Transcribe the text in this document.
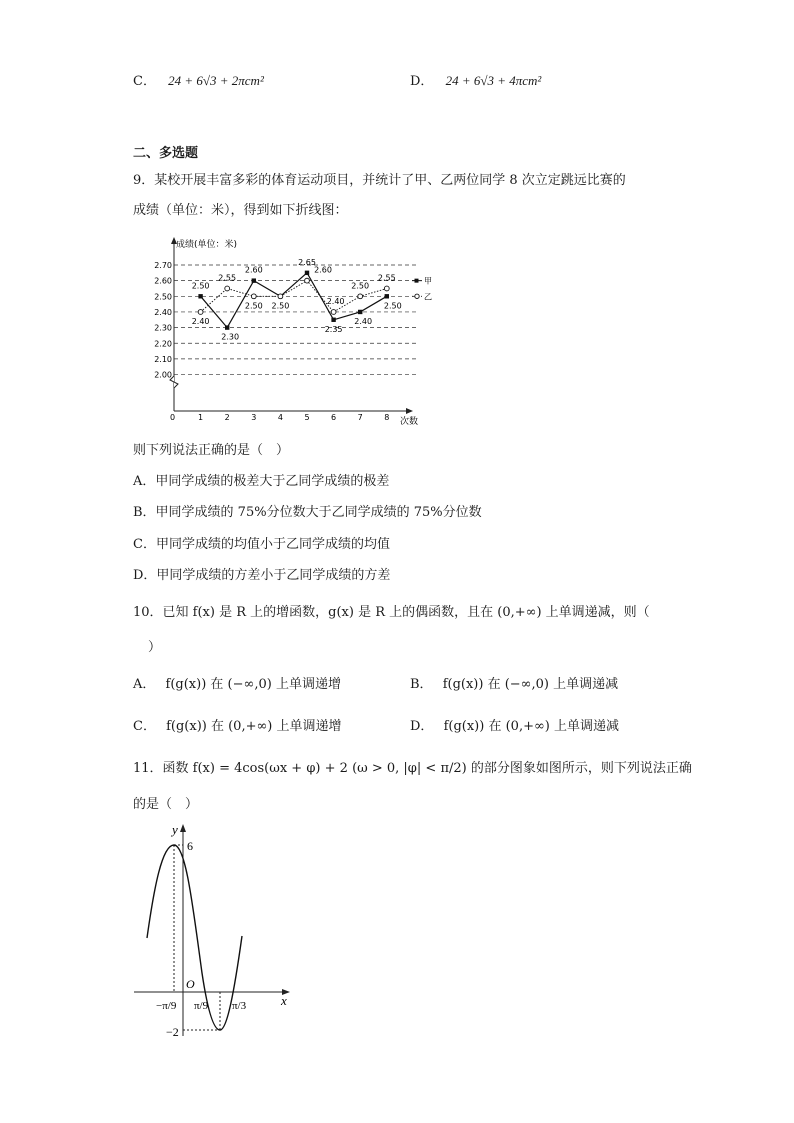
C． 24 + 6√3 + 2πcm²	D． 24 + 6√3 + 4πcm²
二、多选题
9．某校开展丰富多彩的体育运动项目，并统计了甲、乙两位同学 8 次立定跳远比赛的
成绩（单位：米），得到如下折线图：
成绩(单位：米)
次数
0
2.70
2.60
2.50
2.40
2.30
2.20
2.10
2.00
1	2	3	4	5	6	7	8
2.50
2.30
2.60
2.50
2.65
2.35
2.40
2.50
2.40
2.55
2.50
2.60
2.40
2.50
2.55	甲
乙
则下列说法正确的是（　）
A．甲同学成绩的极差大于乙同学成绩的极差
B．甲同学成绩的 75%分位数大于乙同学成绩的 75%分位数
C．甲同学成绩的均值小于乙同学成绩的均值
D．甲同学成绩的方差小于乙同学成绩的方差
10．已知 f(x) 是 R 上的增函数，g(x) 是 R 上的偶函数，且在 (0,+∞) 上单调递减，则（
）
A． f(g(x)) 在 (−∞,0) 上单调递增	B． f(g(x)) 在 (−∞,0) 上单调递减
C． f(g(x)) 在 (0,+∞) 上单调递增	D． f(g(x)) 在 (0,+∞) 上单调递减
11．函数 f(x) = 4cos(ωx + φ) + 2 (ω > 0, |φ| < π/2) 的部分图象如图所示，则下列说法正确
的是（　）
y
x
O
6
−2
−π/9 π/9 π/3
